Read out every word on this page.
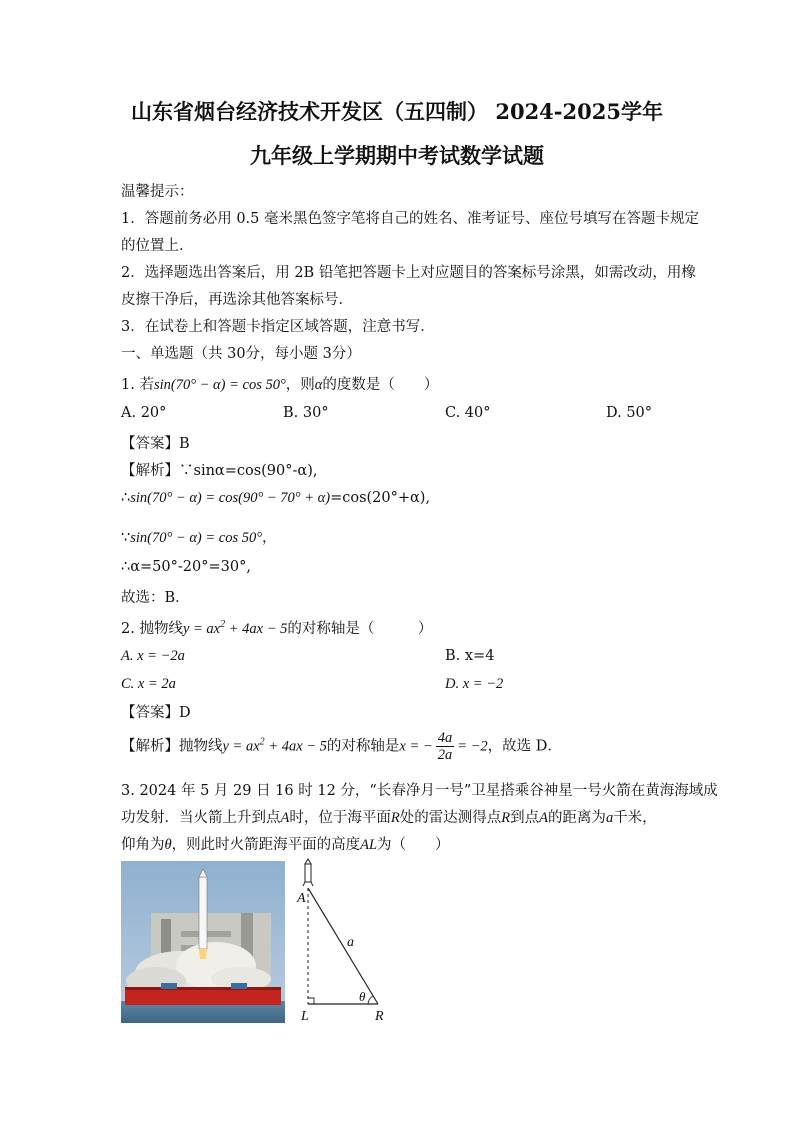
山东省烟台经济技术开发区（五四制） 2024-2025学年
九年级上学期期中考试数学试题
温馨提示：
1．答题前务必用 0.5 毫米黑色签字笔将自己的姓名、准考证号、座位号填写在答题卡规定
的位置上．
2．选择题选出答案后，用 2B 铅笔把答题卡上对应题目的答案标号涂黑，如需改动，用橡
皮擦干净后，再选涂其他答案标号．
3．在试卷上和答题卡指定区域答题，注意书写．
一、单选题（共 30分，每小题 3分）
1. 若sin(70° − α) = cos 50°，则α的度数是（　　）
A. 20°	B. 30°	C. 40°	D. 50°
【答案】B
【解析】∵sinα=cos(90°-α),
∴sin(70° − α) = cos(90° − 70° + α)=cos(20°+α),
∵sin(70° − α) = cos 50°，
∴α=50°-20°=30°,
故选：B．
2. 抛物线$y = ax^2 + 4ax - 5$的对称轴是（　　　）
A. x = −2a	B. x=4
C. x = 2a	D. x = −2
【答案】D
【解析】抛物线$y = ax^2 + 4ax - 5$的对称轴是x = − $\frac{4a}{2a} = -2$，故选 D．
3. 2024 年 5 月 29 日 16 时 12 分，“长春净月一号”卫星搭乘谷神星一号火箭在黄海海域成
功发射．当火箭上升到点A时，位于海平面R处的雷达测得点R到点A的距离为a千米，
仰角为θ，则此时火箭距海平面的高度AL为（　　）
A
a
θ
L	R
